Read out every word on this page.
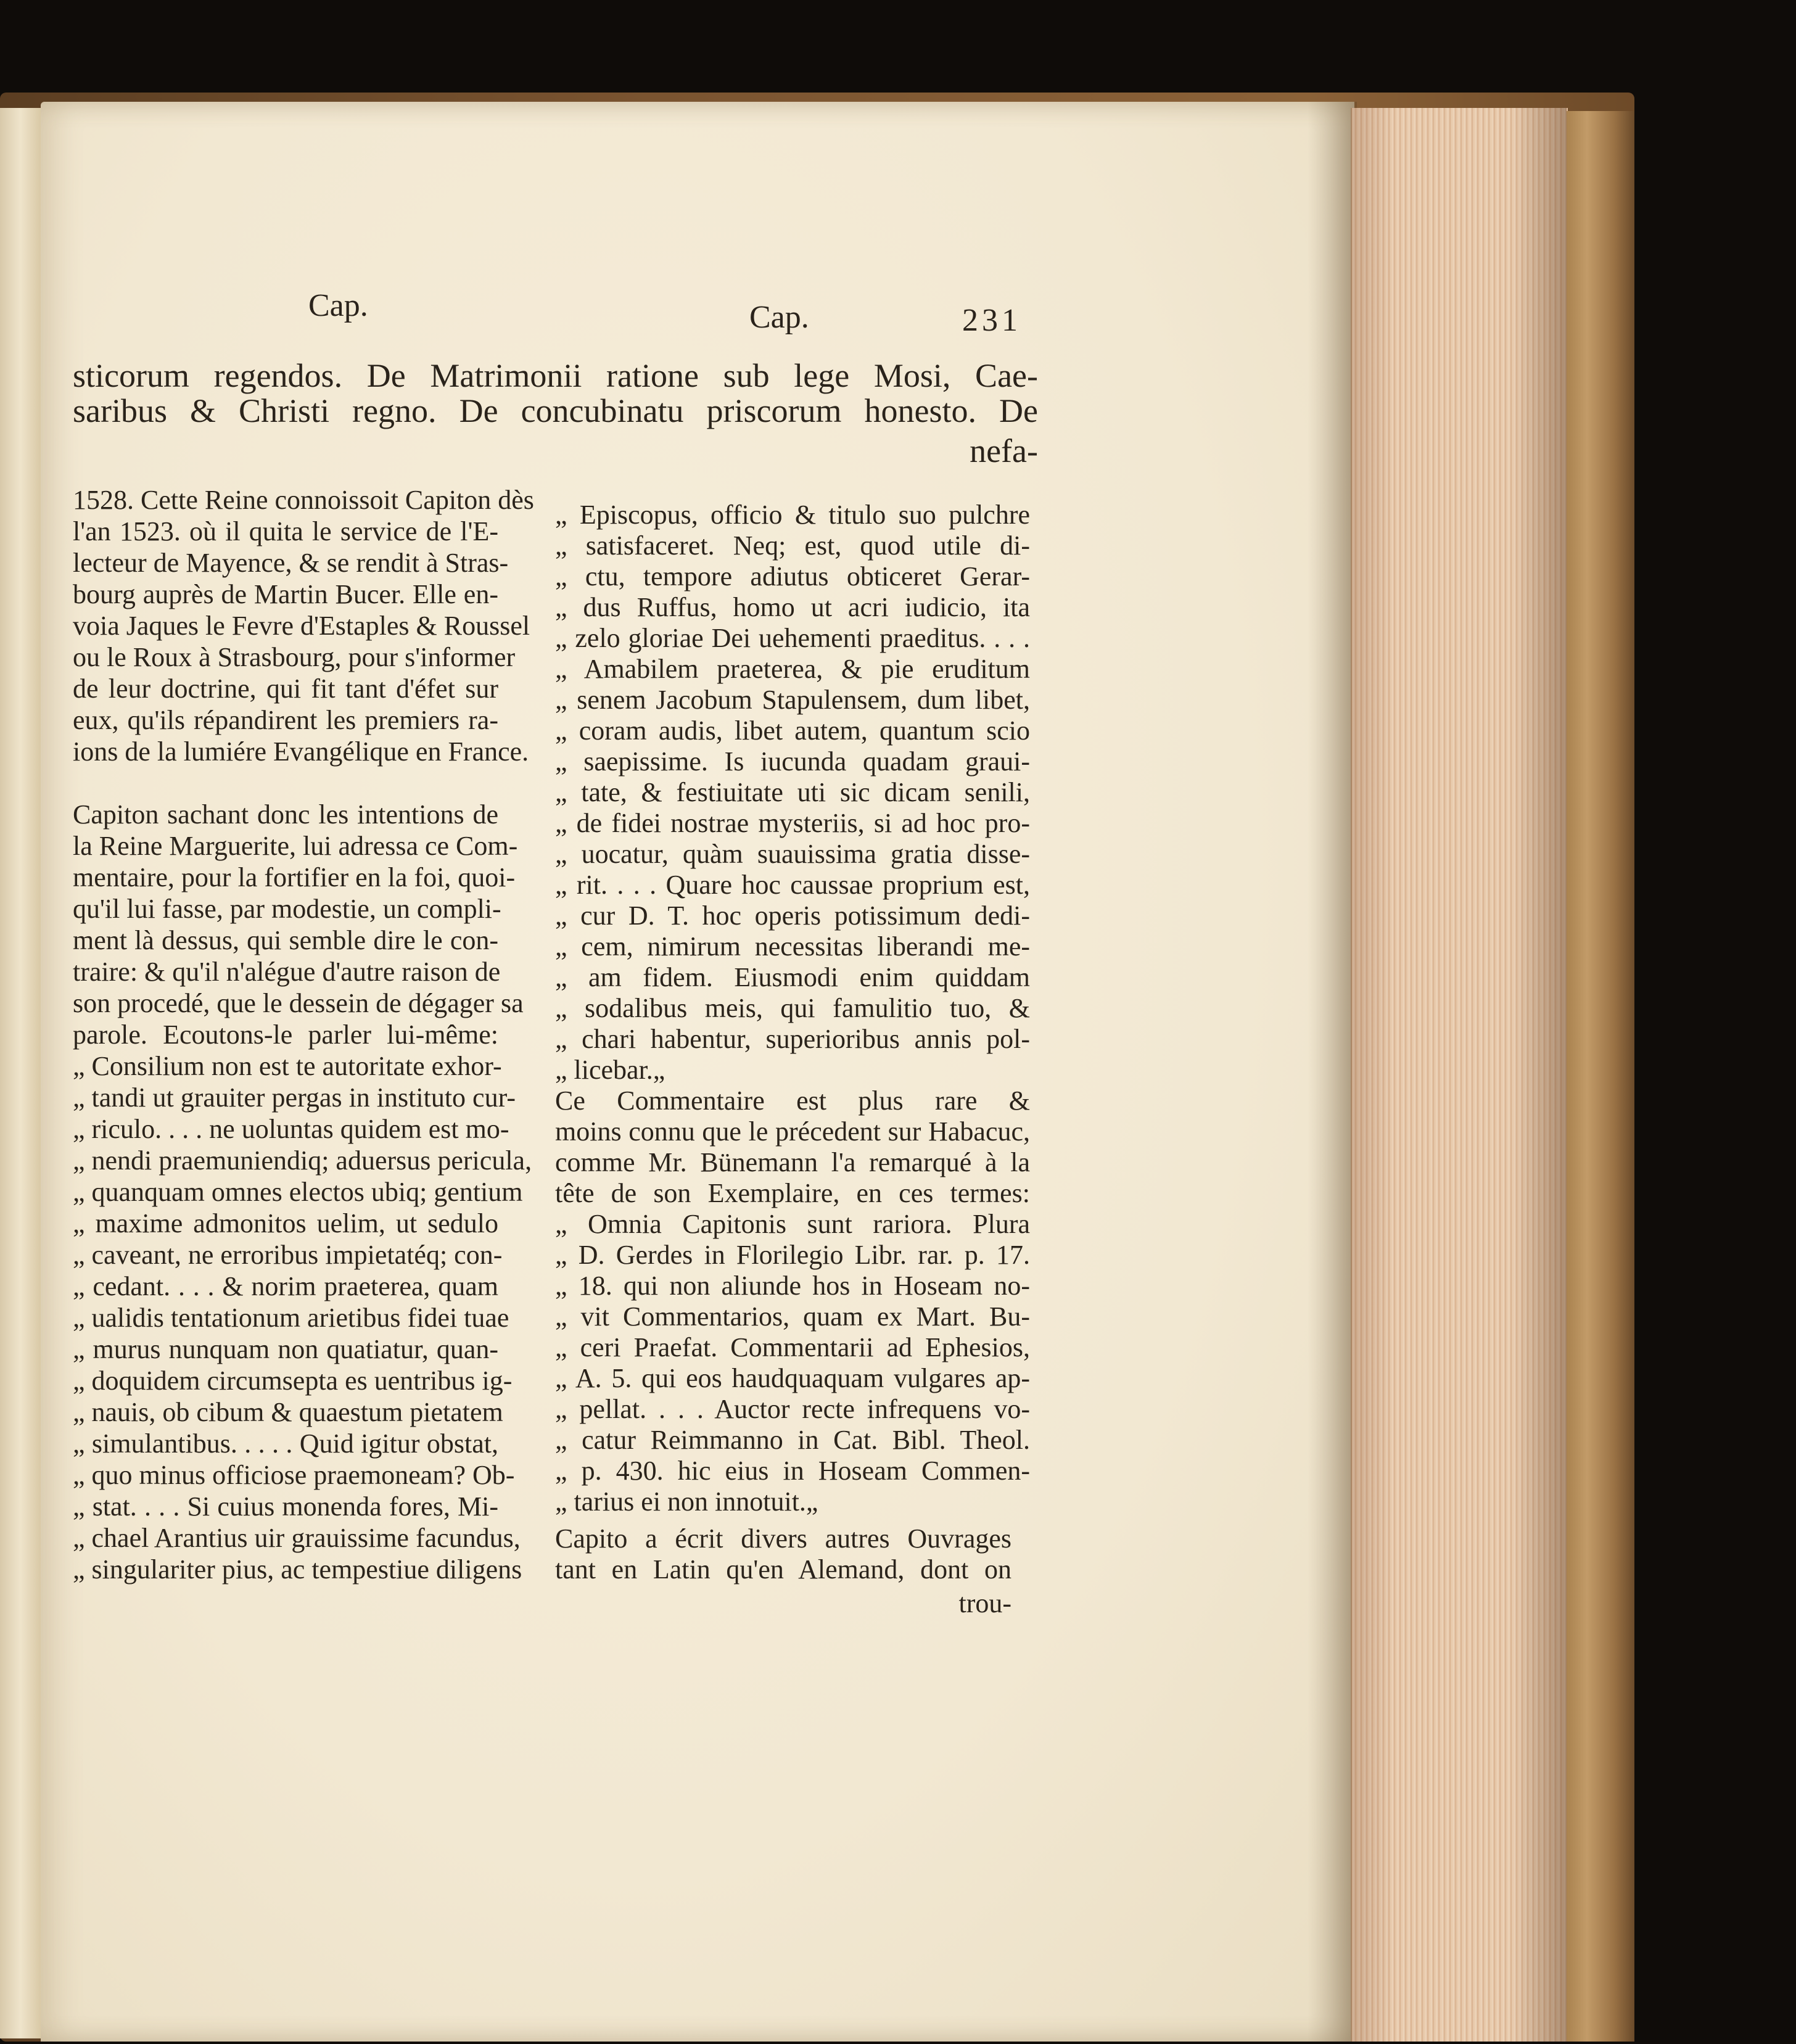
Cap.	Cap.	231
sticorum regendos. De Matrimonii ratione sub lege Mosi, Cae-
saribus & Christi regno. De concubinatu priscorum honesto. De
nefa-
1528. Cette Reine connoissoit Capiton dès
l'an 1523. où il quita le service de l'E-
lecteur de Mayence, & se rendit à Stras-
bourg auprès de Martin Bucer. Elle en-
voia Jaques le Fevre d'Estaples & Roussel
ou le Roux à Strasbourg, pour s'informer
de leur doctrine, qui fit tant d'éfet sur
eux, qu'ils répandirent les premiers ra-
ions de la lumiére Evangélique en France.
Capiton sachant donc les intentions de
la Reine Marguerite, lui adressa ce Com-
mentaire, pour la fortifier en la foi, quoi-
qu'il lui fasse, par modestie, un compli-
ment là dessus, qui semble dire le con-
traire: & qu'il n'alégue d'autre raison de
son procedé, que le dessein de dégager sa
parole. Ecoutons-le parler lui-même:
„ Consilium non est te autoritate exhor-
„ tandi ut grauiter pergas in instituto cur-
„ riculo. . . . ne uoluntas quidem est mo-
„ nendi praemuniendiq; aduersus pericula,
„ quanquam omnes electos ubiq; gentium
„ maxime admonitos uelim, ut sedulo
„ caveant, ne erroribus impietatéq; con-
„ cedant. . . . & norim praeterea, quam
„ ualidis tentationum arietibus fidei tuae
„ murus nunquam non quatiatur, quan-
„ doquidem circumsepta es uentribus ig-
„ nauis, ob cibum & quaestum pietatem
„ simulantibus. . . . . Quid igitur obstat,
„ quo minus officiose praemoneam? Ob-
„ stat. . . . Si cuius monenda fores, Mi-
„ chael Arantius uir grauissime facundus,
„ singulariter pius, ac tempestiue diligens
„ Episcopus, officio & titulo suo pulchre
„ satisfaceret. Neq; est, quod utile di-
„ ctu, tempore adiutus obticeret Gerar-
„ dus Ruffus, homo ut acri iudicio, ita
„ zelo gloriae Dei uehementi praeditus. . . .
„ Amabilem praeterea, & pie eruditum
„ senem Jacobum Stapulensem, dum libet,
„ coram audis, libet autem, quantum scio
„ saepissime. Is iucunda quadam graui-
„ tate, & festiuitate uti sic dicam senili,
„ de fidei nostrae mysteriis, si ad hoc pro-
„ uocatur, quàm suauissima gratia disse-
„ rit. . . . Quare hoc caussae proprium est,
„ cur D. T. hoc operis potissimum dedi-
„ cem, nimirum necessitas liberandi me-
„ am fidem. Eiusmodi enim quiddam
„ sodalibus meis, qui famulitio tuo, &
„ chari habentur, superioribus annis pol-
„ licebar.„
Ce Commentaire est plus rare &
moins connu que le précedent sur Habacuc,
comme Mr. Bünemann l'a remarqué à la
tête de son Exemplaire, en ces termes:
„ Omnia Capitonis sunt rariora. Plura
„ D. Gerdes in Florilegio Libr. rar. p. 17.
„ 18. qui non aliunde hos in Hoseam no-
„ vit Commentarios, quam ex Mart. Bu-
„ ceri Praefat. Commentarii ad Ephesios,
„ A. 5. qui eos haudquaquam vulgares ap-
„ pellat. . . . Auctor recte infrequens vo-
„ catur Reimmanno in Cat. Bibl. Theol.
„ p. 430. hic eius in Hoseam Commen-
„ tarius ei non innotuit.„
Capito a écrit divers autres Ouvrages
tant en Latin qu'en Alemand, dont on
trou-
